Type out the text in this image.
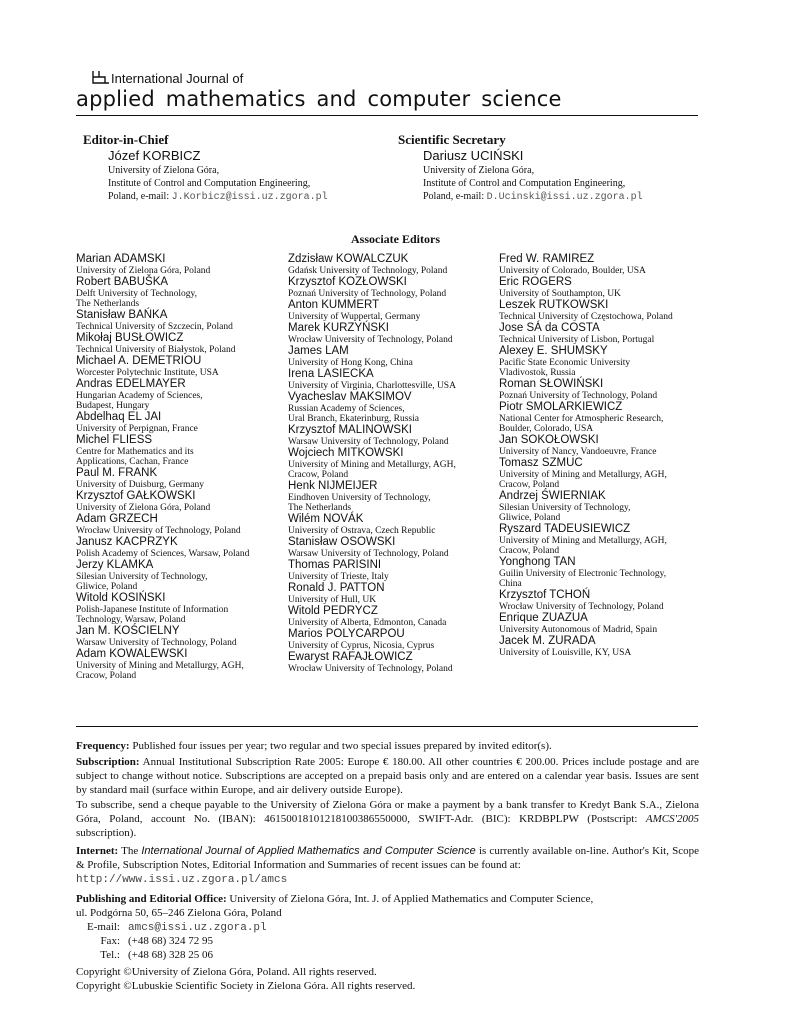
International Journal of
applied mathematics and computer science
Editor-in-Chief
Józef KORBICZ
University of Zielona Góra,
Institute of Control and Computation Engineering,
Poland, e-mail: J.Korbicz@issi.uz.zgora.pl
Scientific Secretary
Dariusz UCIŃSKI
University of Zielona Góra,
Institute of Control and Computation Engineering,
Poland, e-mail: D.Ucinski@issi.uz.zgora.pl
Associate Editors
Marian ADAMSKI
University of Zielona Góra, Poland
Robert BABUŠKA
Delft University of Technology,
The Netherlands
Stanisław BAŃKA
Technical University of Szczecin, Poland
Mikołaj BUSŁOWICZ
Technical University of Białystok, Poland
Michael A. DEMETRIOU
Worcester Polytechnic Institute, USA
Andras EDELMAYER
Hungarian Academy of Sciences,
Budapest, Hungary
Abdelhaq EL JAI
University of Perpignan, France
Michel FLIESS
Centre for Mathematics and its
Applications, Cachan, France
Paul M. FRANK
University of Duisburg, Germany
Krzysztof GAŁKOWSKI
University of Zielona Góra, Poland
Adam GRZECH
Wrocław University of Technology, Poland
Janusz KACPRZYK
Polish Academy of Sciences, Warsaw, Poland
Jerzy KLAMKA
Silesian University of Technology,
Gliwice, Poland
Witold KOSIŃSKI
Polish-Japanese Institute of Information
Technology, Warsaw, Poland
Jan M. KOŚCIELNY
Warsaw University of Technology, Poland
Adam KOWALEWSKI
University of Mining and Metallurgy, AGH,
Cracow, Poland
Zdzisław KOWALCZUK
Gdańsk University of Technology, Poland
Krzysztof KOZŁOWSKI
Poznań University of Technology, Poland
Anton KUMMERT
University of Wuppertal, Germany
Marek KURZYŃSKI
Wrocław University of Technology, Poland
James LAM
University of Hong Kong, China
Irena LASIECKA
University of Virginia, Charlottesville, USA
Vyacheslav MAKSIMOV
Russian Academy of Sciences,
Ural Branch, Ekaterinburg, Russia
Krzysztof MALINOWSKI
Warsaw University of Technology, Poland
Wojciech MITKOWSKI
University of Mining and Metallurgy, AGH,
Cracow, Poland
Henk NIJMEIJER
Eindhoven University of Technology,
The Netherlands
Wilém NOVÁK
University of Ostrava, Czech Republic
Stanisław OSOWSKI
Warsaw University of Technology, Poland
Thomas PARISINI
University of Trieste, Italy
Ronald J. PATTON
University of Hull, UK
Witold PEDRYCZ
University of Alberta, Edmonton, Canada
Marios POLYCARPOU
University of Cyprus, Nicosia, Cyprus
Ewaryst RAFAJŁOWICZ
Wrocław University of Technology, Poland
Fred W. RAMIREZ
University of Colorado, Boulder, USA
Eric ROGERS
University of Southampton, UK
Leszek RUTKOWSKI
Technical University of Częstochowa, Poland
Jose SÁ da COSTA
Technical University of Lisbon, Portugal
Alexey E. SHUMSKY
Pacific State Economic University
Vladivostok, Russia
Roman SŁOWIŃSKI
Poznań University of Technology, Poland
Piotr SMOLARKIEWICZ
National Center for Atmospheric Research,
Boulder, Colorado, USA
Jan SOKOŁOWSKI
University of Nancy, Vandoeuvre, France
Tomasz SZMUC
University of Mining and Metallurgy, AGH,
Cracow, Poland
Andrzej ŚWIERNIAK
Silesian University of Technology,
Gliwice, Poland
Ryszard TADEUSIEWICZ
University of Mining and Metallurgy, AGH,
Cracow, Poland
Yonghong TAN
Guilin University of Electronic Technology,
China
Krzysztof TCHOŃ
Wrocław University of Technology, Poland
Enrique ZUAZUA
University Autonomous of Madrid, Spain
Jacek M. ZURADA
University of Louisville, KY, USA
Frequency: Published four issues per year; two regular and two special issues prepared by invited editor(s).
Subscription: Annual Institutional Subscription Rate 2005: Europe € 180.00. All other countries € 200.00. Prices include postage and are subject to change without notice. Subscriptions are accepted on a prepaid basis only and are entered on a calendar year basis. Issues are sent by standard mail (surface within Europe, and air delivery outside Europe).
To subscribe, send a cheque payable to the University of Zielona Góra or make a payment by a bank transfer to Kredyt Bank S.A., Zielona Góra, Poland, account No. (IBAN): 46150018101218100386550000, SWIFT-Adr. (BIC): KRDBPLPW (Postscript: AMCS'2005 subscription).
Internet: The International Journal of Applied Mathematics and Computer Science is currently available on-line. Author's Kit, Scope & Profile, Subscription Notes, Editorial Information and Summaries of recent issues can be found at:
http://www.issi.uz.zgora.pl/amcs
Publishing and Editorial Office: University of Zielona Góra, Int. J. of Applied Mathematics and Computer Science,
ul. Podgórna 50, 65–246 Zielona Góra, Poland
E-mail: amcs@issi.uz.zgora.pl
Fax: (+48 68) 324 72 95
Tel.: (+48 68) 328 25 06
Copyright ©University of Zielona Góra, Poland. All rights reserved.
Copyright ©Lubuskie Scientific Society in Zielona Góra. All rights reserved.
